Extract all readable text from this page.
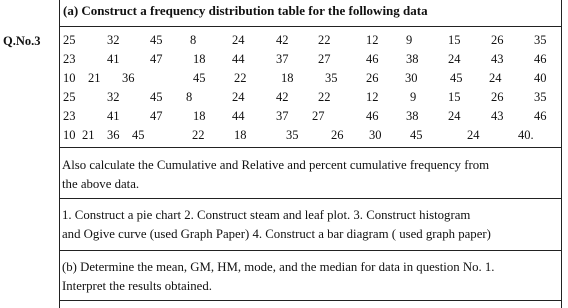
Q.No.3
(a) Construct a frequency distribution table for the following data
25	32 45 8	24	42 22	12 9	15 26 35
23	41 47 18 44	37 27	46 38 24 43 46
10 21 36	45 22	18	35 26 30	45 24	40
25	32 45 8	24	42 22	12	9	15 26 35
23	41 47 18 44	37 27	46 38 24 43 46
10 21 36 45	22 18	35	26 30 45	24	40.
Also calculate the Cumulative and Relative and percent cumulative frequency from
the above data.
1. Construct a pie chart 2. Construct steam and leaf plot. 3. Construct histogram
and Ogive curve (used Graph Paper) 4. Construct a bar diagram ( used graph paper)
(b) Determine the mean, GM, HM, mode, and the median for data in question No. 1.
Interpret the results obtained.
